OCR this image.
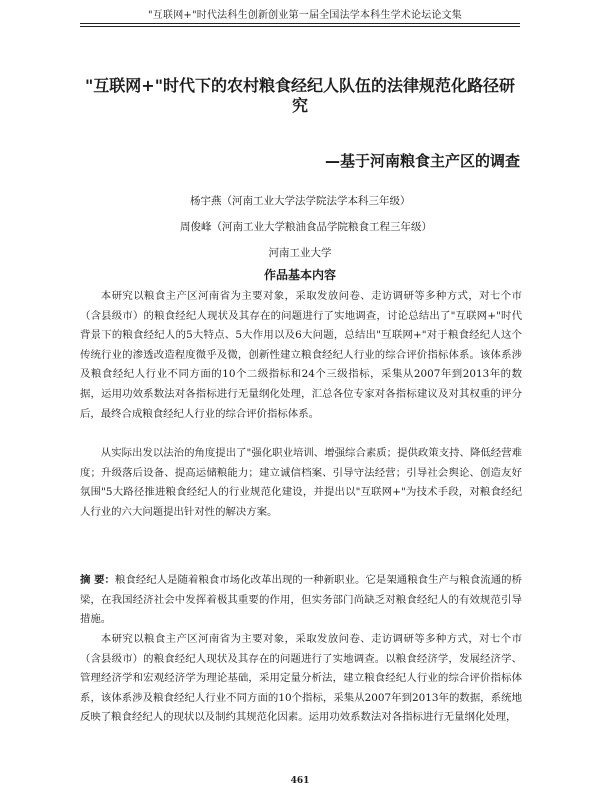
"互联网+"时代法科生创新创业第一届全国法学本科生学术论坛论文集
"互联网+"时代下的农村粮食经纪人队伍的法律规范化路径研究
—基于河南粮食主产区的调查

杨宇燕（河南工业大学法学院法学本科三年级）

周俊峰（河南工业大学粮油食品学院粮食工程三年级）

河南工业大学

作品基本内容

本研究以粮食主产区河南省为主要对象，采取发放问卷、走访调研等多种方式，对七个市（含县级市）的粮食经纪人现状及其存在的问题进行了实地调查，讨论总结出了"互联网+"时代背景下的粮食经纪人的5大特点、5大作用以及6大问题，总结出"互联网+"对于粮食经纪人这个传统行业的渗透改造程度微乎及微，创新性建立粮食经纪人行业的综合评价指标体系。该体系涉及粮食经纪人行业不同方面的10个二级指标和24个三级指标，采集从2007年到2013年的数据，运用功效系数法对各指标进行无量纲化处理，汇总各位专家对各指标建议及对其权重的评分后，最终合成粮食经纪人行业的综合评价指标体系。

从实际出发以法治的角度提出了"强化职业培训、增强综合素质；提供政策支持、降低经营难度；升级落后设备、提高运储粮能力；建立诚信档案、引导守法经营；引导社会舆论、创造友好氛围"5大路径推进粮食经纪人的行业规范化建设，并提出以"互联网+"为技术手段，对粮食经纪人行业的六大问题提出针对性的解决方案。

摘 要：粮食经纪人是随着粮食市场化改革出现的一种新职业。它是架通粮食生产与粮食流通的桥梁，在我国经济社会中发挥着极其重要的作用，但实务部门尚缺乏对粮食经纪人的有效规范引导措施。

本研究以粮食主产区河南省为主要对象，采取发放问卷、走访调研等多种方式，对七个市（含县级市）的粮食经纪人现状及其存在的问题进行了实地调查。以粮食经济学，发展经济学、管理经济学和宏观经济学为理论基础，采用定量分析法，建立粮食经纪人行业的综合评价指标体系，该体系涉及粮食经纪人行业不同方面的10个指标，采集从2007年到2013年的数据，系统地反映了粮食经纪人的现状以及制约其规范化因素。运用功效系数法对各指标进行无量纲化处理，

461
